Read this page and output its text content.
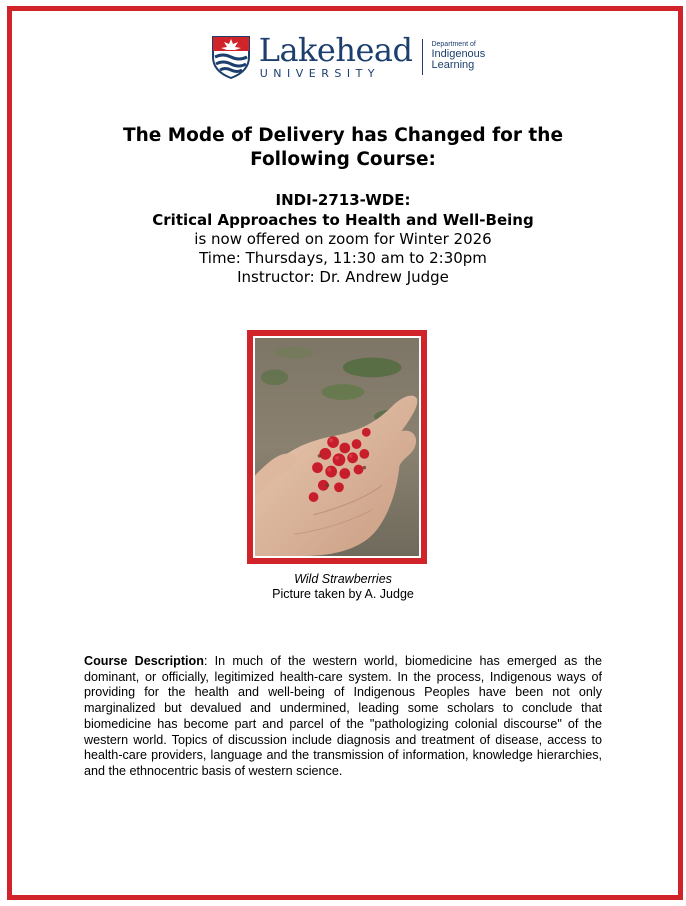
Lakehead
UNIVERSITY
Department of
Indigenous
Learning
The Mode of Delivery has Changed for the
Following Course:
INDI-2713-WDE:
Critical Approaches to Health and Well-Being
is now offered on zoom for Winter 2026
Time: Thursdays, 11:30 am to 2:30pm
Instructor: Dr. Andrew Judge
Wild Strawberries
Picture taken by A. Judge
Course Description: In much of the western world, biomedicine has emerged as the dominant, or officially, legitimized health-care system. In the process, Indigenous ways of providing for the health and well-being of Indigenous Peoples have been not only marginalized but devalued and undermined, leading some scholars to conclude that biomedicine has become part and parcel of the "pathologizing colonial discourse" of the western world. Topics of discussion include diagnosis and treatment of disease, access to health-care providers, language and the transmission of information, knowledge hierarchies, and the ethnocentric basis of western science.
